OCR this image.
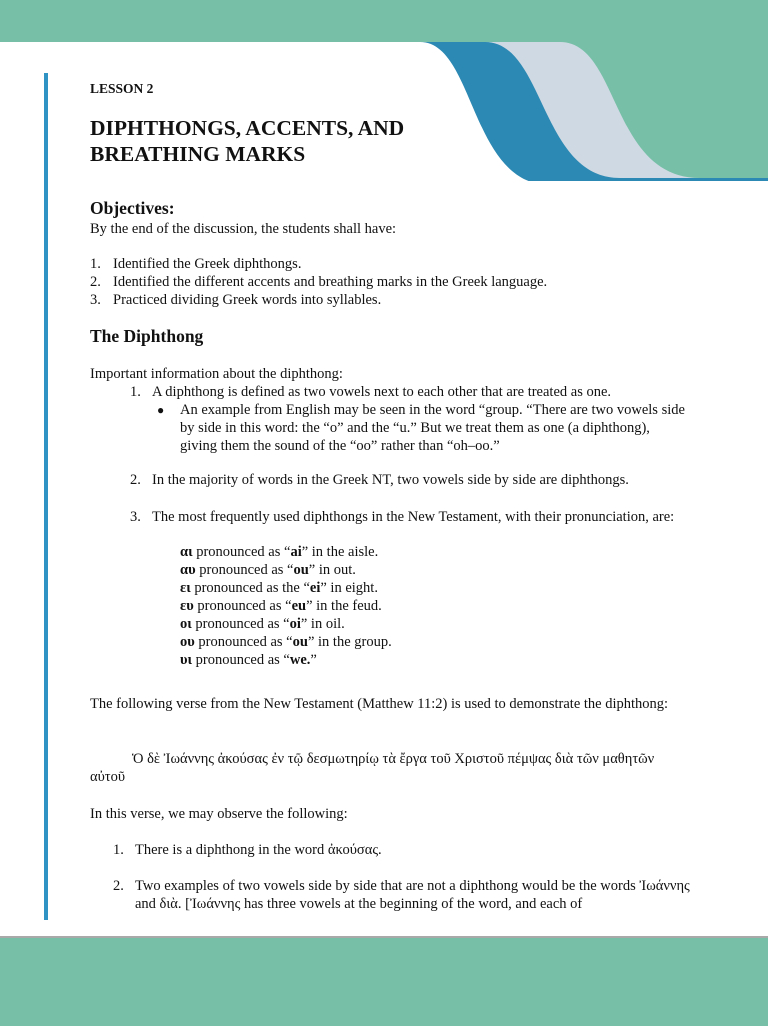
LESSON 2

DIPHTHONGS, ACCENTS, AND BREATHING MARKS
Objectives:

By the end of the discussion, the students shall have:

1. Identified the Greek diphthongs.
2. Identified the different accents and breathing marks in the Greek language.
3. Practiced dividing Greek words into syllables.
The Diphthong

Important information about the diphthong:

1. A diphthong is defined as two vowels next to each other that are treated as one.
●	An example from English may be seen in the word “group. “There are two vowels side by side in this word: the “o” and the “u.” But we treat them as one (a diphthong), giving them the sound of the “oo” rather than “oh–oo.”
2. In the majority of words in the Greek NT, two vowels side by side are diphthongs.
3. The most frequently used diphthongs in the New Testament, with their pronunciation, are:
αι pronounced as “ai” in the aisle.
αυ pronounced as “ou” in out.
ει pronounced as the “ei” in eight.
ευ pronounced as “eu” in the feud.
οι pronounced as “oi” in oil.
ου pronounced as “ou” in the group.
υι pronounced as “we.”

The following verse from the New Testament (Matthew 11:2) is used to demonstrate the diphthong:

Ὁ δὲ Ἰωάννης ἀκούσας ἐν τῷ δεσμωτηρίῳ τὰ ἔργα τοῦ Χριστοῦ πέμψας διὰ τῶν μαθητῶν αὐτοῦ

In this verse, we may observe the following:

1. There is a diphthong in the word ἀκούσας.
2. Two examples of two vowels side by side that are not a diphthong would be the words Ἰωάννης and διὰ. [Ἰωάννης has three vowels at the beginning of the word, and each of
